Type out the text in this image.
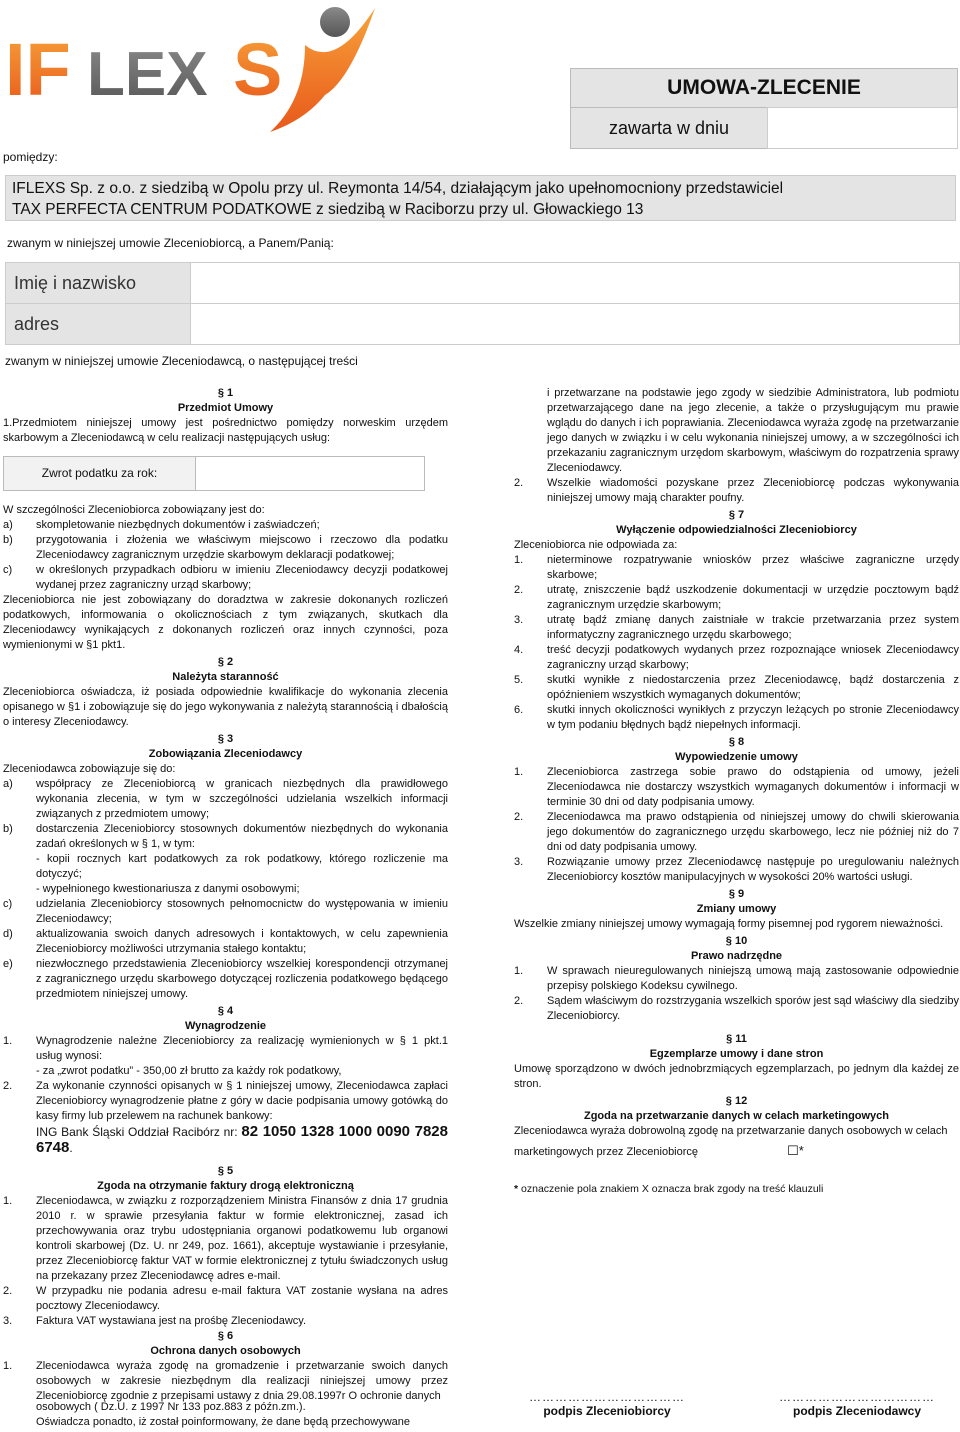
IF LEX S	UMOWA-ZLECENIE
zawarta w dniu
pomiędzy:
IFLEXS Sp. z o.o. z siedzibą w Opolu przy ul. Reymonta 14/54, działającym jako upełnomocniony przedstawiciel
TAX PERFECTA CENTRUM PODATKOWE z siedzibą w Raciborzu przy ul. Głowackiego 13
zwanym w niniejszej umowie Zleceniobiorcą, a Panem/Panią:
Imię i nazwisko
adres
zwanym w niniejszej umowie Zleceniodawcą, o następującej treści

§ 1

Przedmiot Umowy

1.Przedmiotem niniejszej umowy jest pośrednictwo pomiędzy norweskim urzędem skarbowym a Zleceniodawcą w celu realizacji następujących usług:

Zwrot podatku za rok:

W szczególności Zleceniobiorca zobowiązany jest do:

a) skompletowanie niezbędnych dokumentów i zaświadczeń;
b) przygotowania i złożenia we właściwym miejscowo i rzeczowo dla podatku Zleceniodawcy zagranicznym urzędzie skarbowym deklaracji podatkowej;
c) w określonych przypadkach odbioru w imieniu Zleceniodawcy decyzji podatkowej wydanej przez zagraniczny urząd skarbowy;

Zleceniobiorca nie jest zobowiązany do doradztwa w zakresie dokonanych rozliczeń podatkowych, informowania o okolicznościach z tym związanych, skutkach dla Zleceniodawcy wynikających z dokonanych rozliczeń oraz innych czynności, poza wymienionymi w §1 pkt1.

§ 2

Należyta staranność

Zleceniobiorca oświadcza, iż posiada odpowiednie kwalifikacje do wykonania zlecenia opisanego w §1 i zobowiązuje się do jego wykonywania z należytą starannością i dbałością o interesy Zleceniodawcy.

§ 3

Zobowiązania Zleceniodawcy

Zleceniodawca zobowiązuje się do:

a) współpracy ze Zleceniobiorcą w granicach niezbędnych dla prawidłowego wykonania zlecenia, w tym w szczególności udzielania wszelkich informacji związanych z przedmiotem umowy;
b) dostarczenia Zleceniobiorcy stosownych dokumentów niezbędnych do wykonania zadań określonych w § 1, w tym:
- kopii rocznych kart podatkowych za rok podatkowy, którego rozliczenie ma dotyczyć;
- wypełnionego kwestionariusza z danymi osobowymi;
c) udzielania Zleceniobiorcy stosownych pełnomocnictw do występowania w imieniu Zleceniodawcy;
d) aktualizowania swoich danych adresowych i kontaktowych, w celu zapewnienia Zleceniobiorcy możliwości utrzymania stałego kontaktu;
e) niezwłocznego przedstawienia Zleceniobiorcy wszelkiej korespondencji otrzymanej z zagranicznego urzędu skarbowego dotyczącej rozliczenia podatkowego będącego przedmiotem niniejszej umowy.

§ 4

Wynagrodzenie

1. Wynagrodzenie należne Zleceniobiorcy za realizację wymienionych w § 1 pkt.1 usług wynosi:
- za „zwrot podatku” - 350,00 zł brutto za każdy rok podatkowy,
2. Za wykonanie czynności opisanych w § 1 niniejszej umowy, Zleceniodawca zapłaci Zleceniobiorcy wynagrodzenie płatne z góry w dacie podpisania umowy gotówką do kasy firmy lub przelewem na rachunek bankowy:
ING Bank Śląski Oddział Racibórz nr: 82 1050 1328 1000 0090 7828 6748.

§ 5

Zgoda na otrzymanie faktury drogą elektroniczną

1. Zleceniodawca, w związku z rozporządzeniem Ministra Finansów z dnia 17 grudnia 2010 r. w sprawie przesyłania faktur w formie elektronicznej, zasad ich przechowywania oraz trybu udostępniania organowi podatkowemu lub organowi kontroli skarbowej (Dz. U. nr 249, poz. 1661), akceptuje wystawianie i przesyłanie, przez Zleceniobiorcę faktur VAT w formie elektronicznej z tytułu świadczonych usług na przekazany przez Zleceniodawcę adres e-mail.
2. W przypadku nie podania adresu e-mail faktura VAT zostanie wysłana na adres pocztowy Zleceniodawcy.
3. Faktura VAT wystawiana jest na prośbę Zleceniodawcy.

§ 6

Ochrona danych osobowych

1. Zleceniodawca wyraża zgodę na gromadzenie i przetwarzanie swoich danych osobowych w zakresie niezbędnym dla realizacji niniejszej umowy przez Zleceniobiorcę zgodnie z przepisami ustawy z dnia 29.08.1997r O ochronie danych

osobowych ( Dz.U. z 1997 Nr 133 poz.883 z późn.zm.).

Oświadcza ponadto, iż został poinformowany, że dane będą przechowywane

i przetwarzane na podstawie jego zgody w siedzibie Administratora, lub podmiotu przetwarzającego dane na jego zlecenie, a także o przysługującym mu prawie wglądu do danych i ich poprawiania. Zleceniodawca wyraża zgodę na przetwarzanie jego danych w związku i w celu wykonania niniejszej umowy, a w szczególności ich przekazaniu zagranicznym urzędom skarbowym, właściwym do rozpatrzenia sprawy Zleceniodawcy.
2. Wszelkie wiadomości pozyskane przez Zleceniobiorcę podczas wykonywania niniejszej umowy mają charakter poufny.

§ 7

Wyłączenie odpowiedzialności Zleceniobiorcy

Zleceniobiorca nie odpowiada za:

1. nieterminowe rozpatrywanie wniosków przez właściwe zagraniczne urzędy skarbowe;
2. utratę, zniszczenie bądź uszkodzenie dokumentacji w urzędzie pocztowym bądź zagranicznym urzędzie skarbowym;
3. utratę bądź zmianę danych zaistniałe w trakcie przetwarzania przez system informatyczny zagranicznego urzędu skarbowego;
4. treść decyzji podatkowych wydanych przez rozpoznające wniosek Zleceniodawcy zagraniczny urząd skarbowy;
5. skutki wynikłe z niedostarczenia przez Zleceniodawcę, bądź dostarczenia z opóźnieniem wszystkich wymaganych dokumentów;
6. skutki innych okoliczności wynikłych z przyczyn leżących po stronie Zleceniodawcy w tym podaniu błędnych bądź niepełnych informacji.

§ 8

Wypowiedzenie umowy

1. Zleceniobiorca zastrzega sobie prawo do odstąpienia od umowy, jeżeli Zleceniodawca nie dostarczy wszystkich wymaganych dokumentów i informacji w terminie 30 dni od daty podpisania umowy.
2. Zleceniodawca ma prawo odstąpienia od niniejszej umowy do chwili skierowania jego dokumentów do zagranicznego urzędu skarbowego, lecz nie później niż do 7 dni od daty podpisania umowy.
3. Rozwiązanie umowy przez Zleceniodawcę następuje po uregulowaniu należnych Zleceniobiorcy kosztów manipulacyjnych w wysokości 20% wartości usługi.

§ 9

Zmiany umowy

Wszelkie zmiany niniejszej umowy wymagają formy pisemnej pod rygorem nieważności.

§ 10

Prawo nadrzędne

1. W sprawach nieuregulowanych niniejszą umową mają zastosowanie odpowiednie przepisy polskiego Kodeksu cywilnego.
2. Sądem właściwym do rozstrzygania wszelkich sporów jest sąd właściwy dla siedziby Zleceniobiorcy.

§ 11

Egzemplarze umowy i dane stron

Umowę sporządzono w dwóch jednobrzmiących egzemplarzach, po jednym dla każdej ze stron.

§ 12

Zgoda na przetwarzanie danych w celach marketingowych

Zleceniodawca wyraża dobrowolną zgodę na przetwarzanie danych osobowych w celach

marketingowych przez Zleceniobiorcę	☐*

* oznaczenie pola znakiem X oznacza brak zgody na treść klauzuli

………………………………
podpis Zleceniobiorcy
………………………………
podpis Zleceniodawcy
